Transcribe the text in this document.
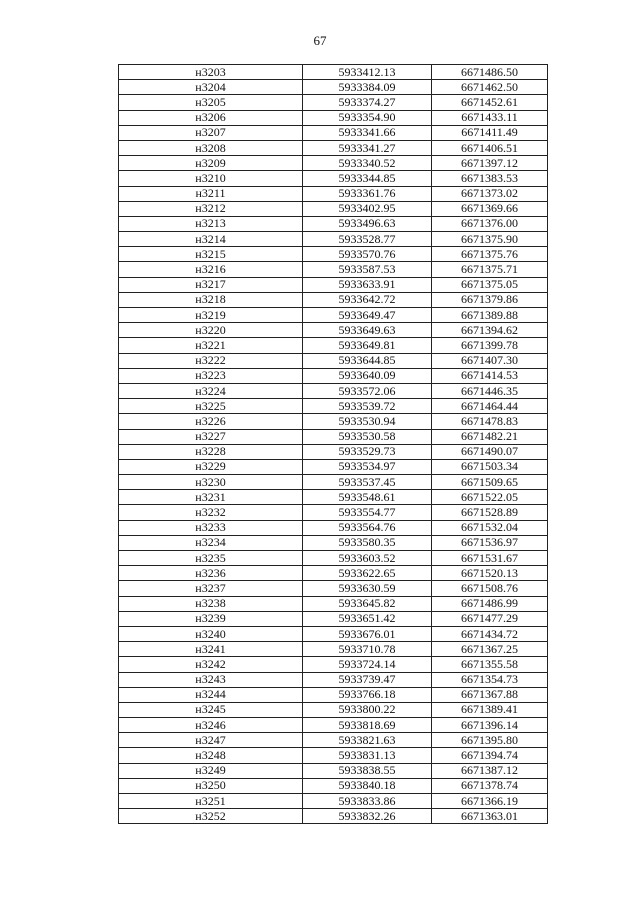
67
н3203	5933412.13	6671486.50
н3204	5933384.09	6671462.50
н3205	5933374.27	6671452.61
н3206	5933354.90	6671433.11
н3207	5933341.66	6671411.49
н3208	5933341.27	6671406.51
н3209	5933340.52	6671397.12
н3210	5933344.85	6671383.53
н3211	5933361.76	6671373.02
н3212	5933402.95	6671369.66
н3213	5933496.63	6671376.00
н3214	5933528.77	6671375.90
н3215	5933570.76	6671375.76
н3216	5933587.53	6671375.71
н3217	5933633.91	6671375.05
н3218	5933642.72	6671379.86
н3219	5933649.47	6671389.88
н3220	5933649.63	6671394.62
н3221	5933649.81	6671399.78
н3222	5933644.85	6671407.30
н3223	5933640.09	6671414.53
н3224	5933572.06	6671446.35
н3225	5933539.72	6671464.44
н3226	5933530.94	6671478.83
н3227	5933530.58	6671482.21
н3228	5933529.73	6671490.07
н3229	5933534.97	6671503.34
н3230	5933537.45	6671509.65
н3231	5933548.61	6671522.05
н3232	5933554.77	6671528.89
н3233	5933564.76	6671532.04
н3234	5933580.35	6671536.97
н3235	5933603.52	6671531.67
н3236	5933622.65	6671520.13
н3237	5933630.59	6671508.76
н3238	5933645.82	6671486.99
н3239	5933651.42	6671477.29
н3240	5933676.01	6671434.72
н3241	5933710.78	6671367.25
н3242	5933724.14	6671355.58
н3243	5933739.47	6671354.73
н3244	5933766.18	6671367.88
н3245	5933800.22	6671389.41
н3246	5933818.69	6671396.14
н3247	5933821.63	6671395.80
н3248	5933831.13	6671394.74
н3249	5933838.55	6671387.12
н3250	5933840.18	6671378.74
н3251	5933833.86	6671366.19
н3252	5933832.26	6671363.01
